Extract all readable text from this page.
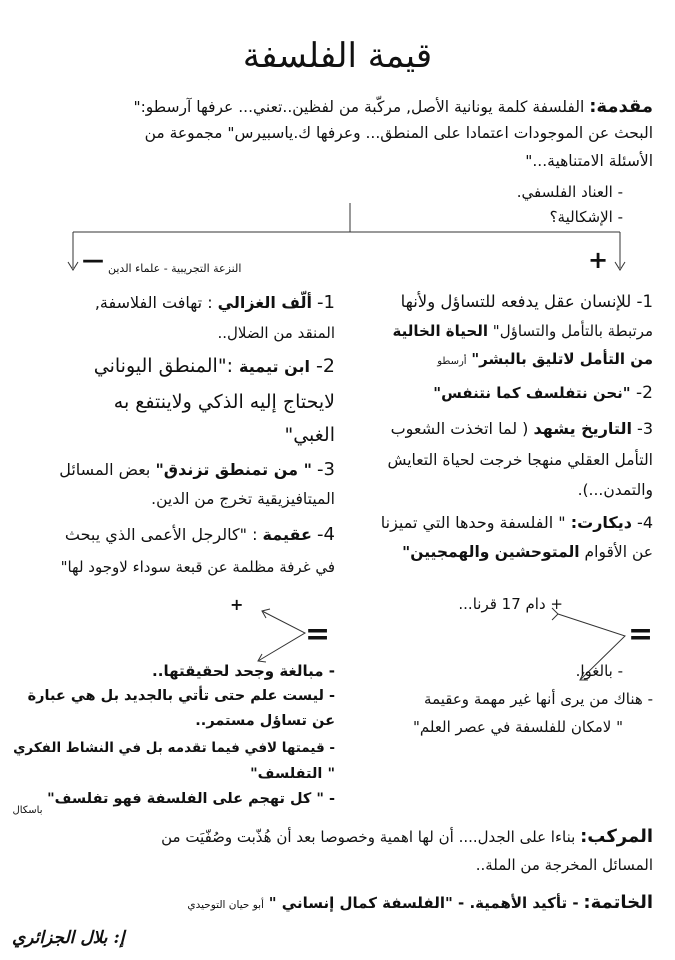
قيمة الفلسفة
مقدمة: الفلسفة كلمة يونانية الأصل, مركّبة من لفظين..تعني... عرفها آرسطو:"
البحث عن الموجودات اعتمادا على المنطق... وعرفها ك.ياسبيرس" مجموعة من
الأسئلة الامتناهية..."
- العناد الفلسفي.
- الإشكالية؟
+
— النزعة التجريبية - علماء الدين
1- للإنسان عقل يدفعه للتساؤل ولأنها
مرتبطة بالتأمل والتساؤل" الحياة الخالية
من التأمل لاتليق بالبشر" أرسطو
2- "نحن نتفلسف كما نتنفس"
3- التاريخ يشهد ( لما اتخذت الشعوب
التأمل العقلي منهجا خرجت لحياة التعايش
والتمدن...).
4- ديكارت: " الفلسفة وحدها التي تميزنا
عن الأقوام المتوحشين والهمجيين"
1- ألّف الغزالي : تهافت الفلاسفة,
المنقد من الضلال..
2- ابن تيمية :"المنطق اليوناني
لايحتاج إليه الذكي ولاينتفع به
الغبي"
3- " من تمنطق تزندق" بعض المسائل
الميتافيزيقية تخرج من الدين.
4- عقيمة : "كالرجل الأعمى الذي يبحث
في غرفة مظلمة عن قبعة سوداء لاوجود لها"
+ دام 17 قرنا...
=
- بالغوا.
- هناك من يرى أنها غير مهمة وعقيمة
" لامكان للفلسفة في عصر العلم"
+
=
- مبالغة وجحد لحقيقتها..
- ليست علم حتى تأتي بالجديد بل هي عبارة
عن تساؤل مستمر..
- قيمتها لافي فيما تقدمه بل في النشاط الفكري
" التفلسف"
- " كل تهجم على الفلسفة فهو تفلسف" $_{باسكال}$
المركب: بناءا على الجدل.... أن لها اهمية وخصوصا بعد أن هُذّبت وصُفّيَت من
المسائل المخرجة من الملة..
الخاتمة: - تأكيد الأهمية. - "الفلسفة كمال إنساني " أبو حيان التوحيدي
إ: بلال الجزائري
